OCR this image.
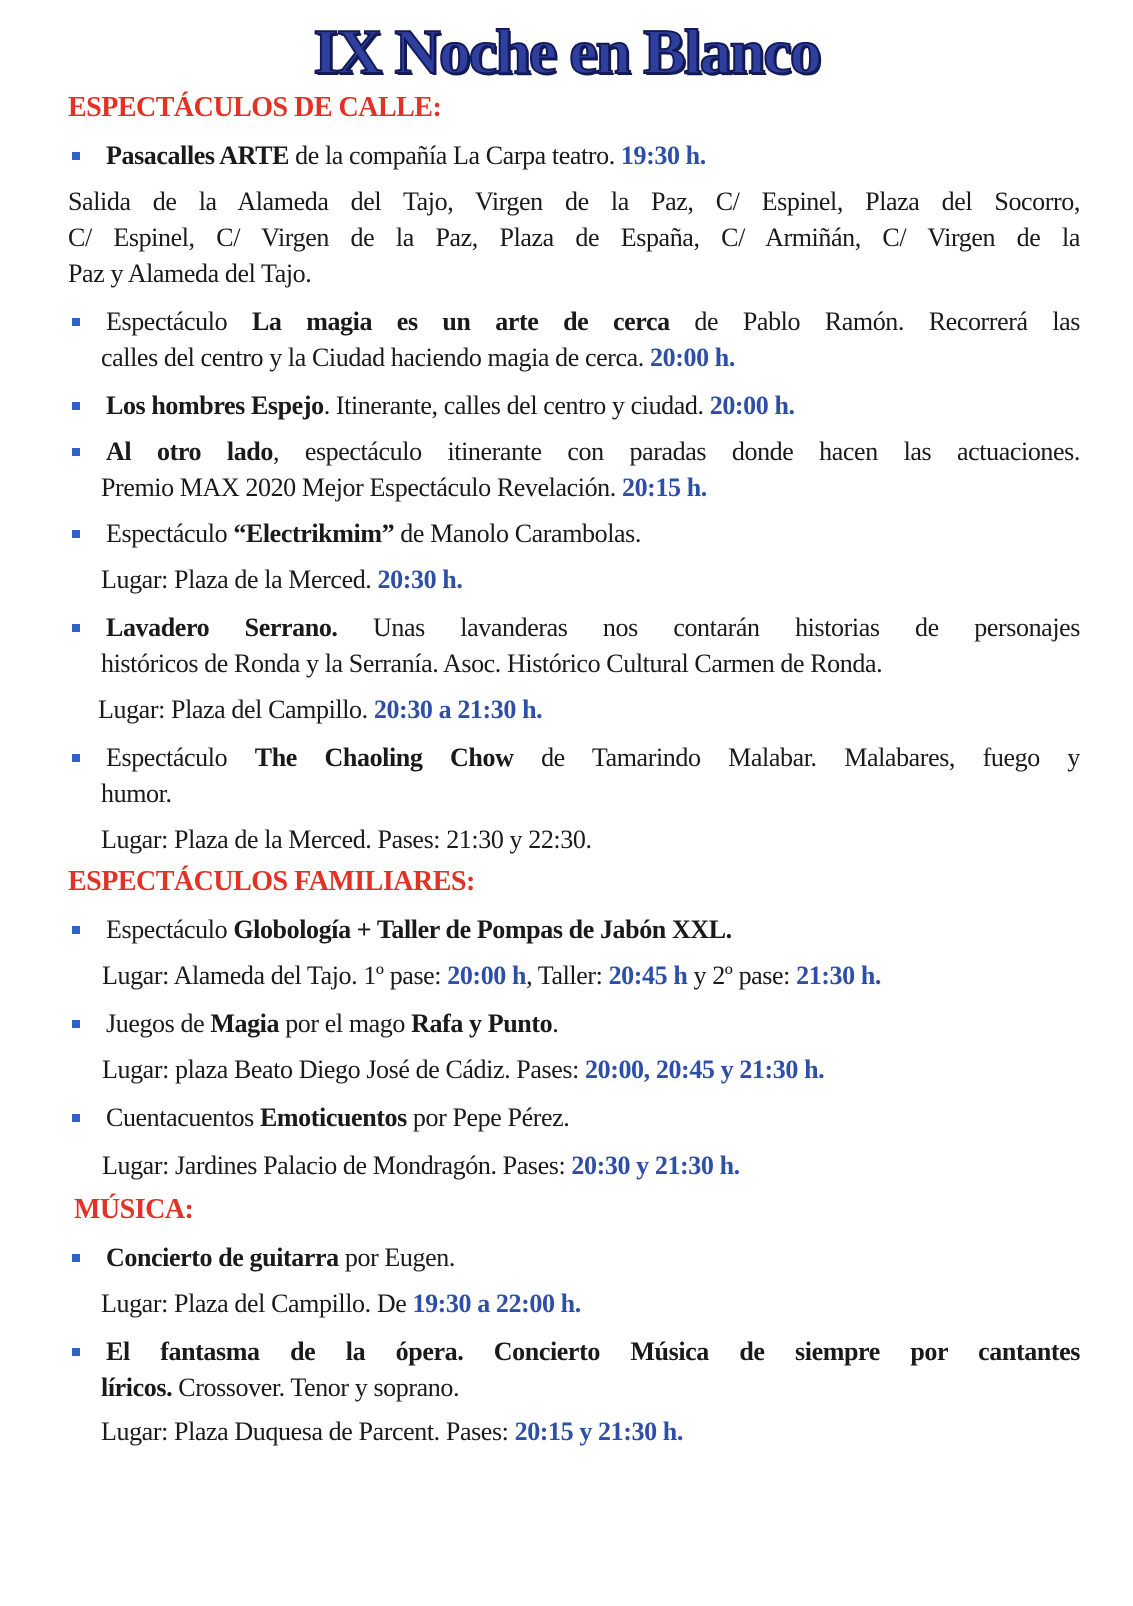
IX Noche en Blanco
ESPECTÁCULOS DE CALLE:
Pasacalles ARTE de la compañía La Carpa teatro. 19:30 h.
Salida de la Alameda del Tajo, Virgen de la Paz, C/ Espinel, Plaza del Socorro,
C/ Espinel, C/ Virgen de la Paz, Plaza de España, C/ Armiñán, C/ Virgen de la
Paz y Alameda del Tajo.
Espectáculo La magia es un arte de cerca de Pablo Ramón. Recorrerá las
calles del centro y la Ciudad haciendo magia de cerca. 20:00 h.
Los hombres Espejo. Itinerante, calles del centro y ciudad. 20:00 h.
Al otro lado, espectáculo itinerante con paradas donde hacen las actuaciones.
Premio MAX 2020 Mejor Espectáculo Revelación. 20:15 h.
Espectáculo “Electrikmim” de Manolo Carambolas.
Lugar: Plaza de la Merced. 20:30 h.
Lavadero Serrano. Unas lavanderas nos contarán historias de personajes
históricos de Ronda y la Serranía. Asoc. Histórico Cultural Carmen de Ronda.
Lugar: Plaza del Campillo. 20:30 a 21:30 h.
Espectáculo The Chaoling Chow de Tamarindo Malabar. Malabares, fuego y
humor.
Lugar: Plaza de la Merced. Pases: 21:30 y 22:30.
ESPECTÁCULOS FAMILIARES:
Espectáculo Globología + Taller de Pompas de Jabón XXL.
Lugar: Alameda del Tajo. 1º pase: 20:00 h, Taller: 20:45 h y 2º pase: 21:30 h.
Juegos de Magia por el mago Rafa y Punto.
Lugar: plaza Beato Diego José de Cádiz. Pases: 20:00, 20:45 y 21:30 h.
Cuentacuentos Emoticuentos por Pepe Pérez.
Lugar: Jardines Palacio de Mondragón. Pases: 20:30 y 21:30 h.
MÚSICA:
Concierto de guitarra por Eugen.
Lugar: Plaza del Campillo. De 19:30 a 22:00 h.
El fantasma de la ópera. Concierto Música de siempre por cantantes
líricos. Crossover. Tenor y soprano.
Lugar: Plaza Duquesa de Parcent. Pases: 20:15 y 21:30 h.
